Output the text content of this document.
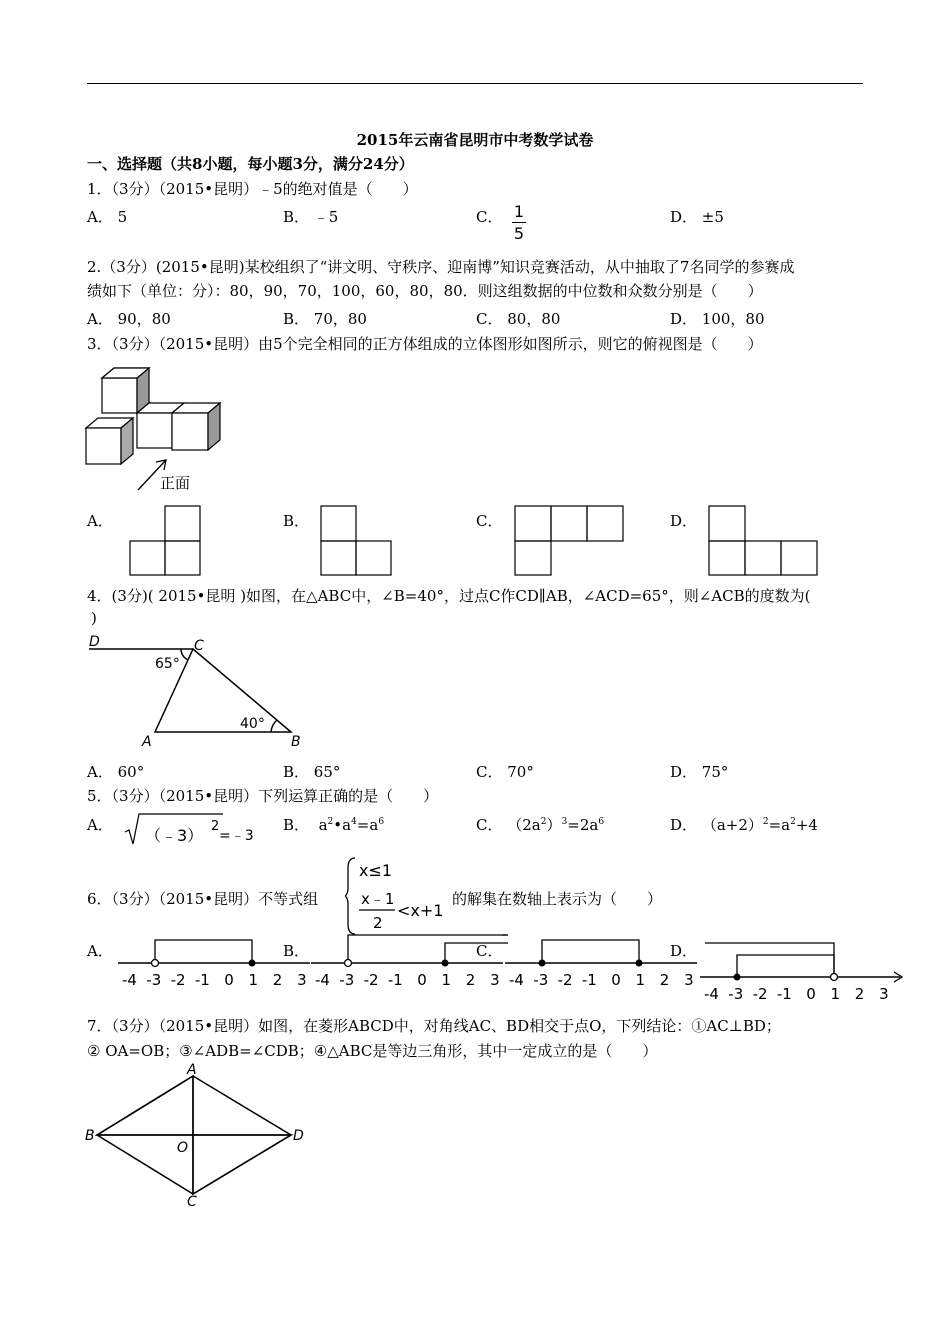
2015年云南省昆明市中考数学试卷
一、选择题（共8小题，每小题3分，满分24分）
1．（3分）（2015•昆明）﹣5的绝对值是（　　）
A． 5	B． ﹣5	C． 1
5
D． ±5
2.（3分）(2015•昆明)某校组织了“讲文明、守秩序、迎南博”知识竞赛活动，从中抽取了7名同学的参赛成
绩如下（单位：分）：80，90，70，100，60，80，80．则这组数据的中位数和众数分别是（　　）
A． 90，80	B． 70，80	C． 80，80	D． 100，80
3．（3分）（2015•昆明）由5个完全相同的正方体组成的立体图形如图所示，则它的俯视图是（　　）
正面
A．	B．	C．	D．
4．(3分)( 2015•昆明 )如图，在△ABC中，∠B=40°，过点C作CD∥AB，∠ACD=65°，则∠ACB的度数为(
)
D	C
A	B
65°
40°
A． 60°	B． 65°	C． 70°	D． 75°
5．（3分）（2015•昆明）下列运算正确的是（　　）
A．
（﹣3） 2
=﹣3
B． $a^2•a^4=a^6$	C． $(2a^2)^3=2a^6$	D． $(a+2)^2=a^2+4$
6．（3分）（2015•昆明）不等式组
x≤1
x﹣1
2
<x+1
的解集在数轴上表示为（　　）
A．	B．	C．	D．
-4 -3 -2 -1 0 1 2 3 -4 -3 -2 -1 0 1 2 3 -4 -3 -2 -1 0 1 2 3
-4 -3 -2 -1 0 1 2 3
7．（3分）（2015•昆明）如图，在菱形ABCD中，对角线AC、BD相交于点O，下列结论：①AC⊥BD；
② OA=OB；③∠ADB=∠CDB；④△ABC是等边三角形，其中一定成立的是（　　）
A
B	D
C
O
